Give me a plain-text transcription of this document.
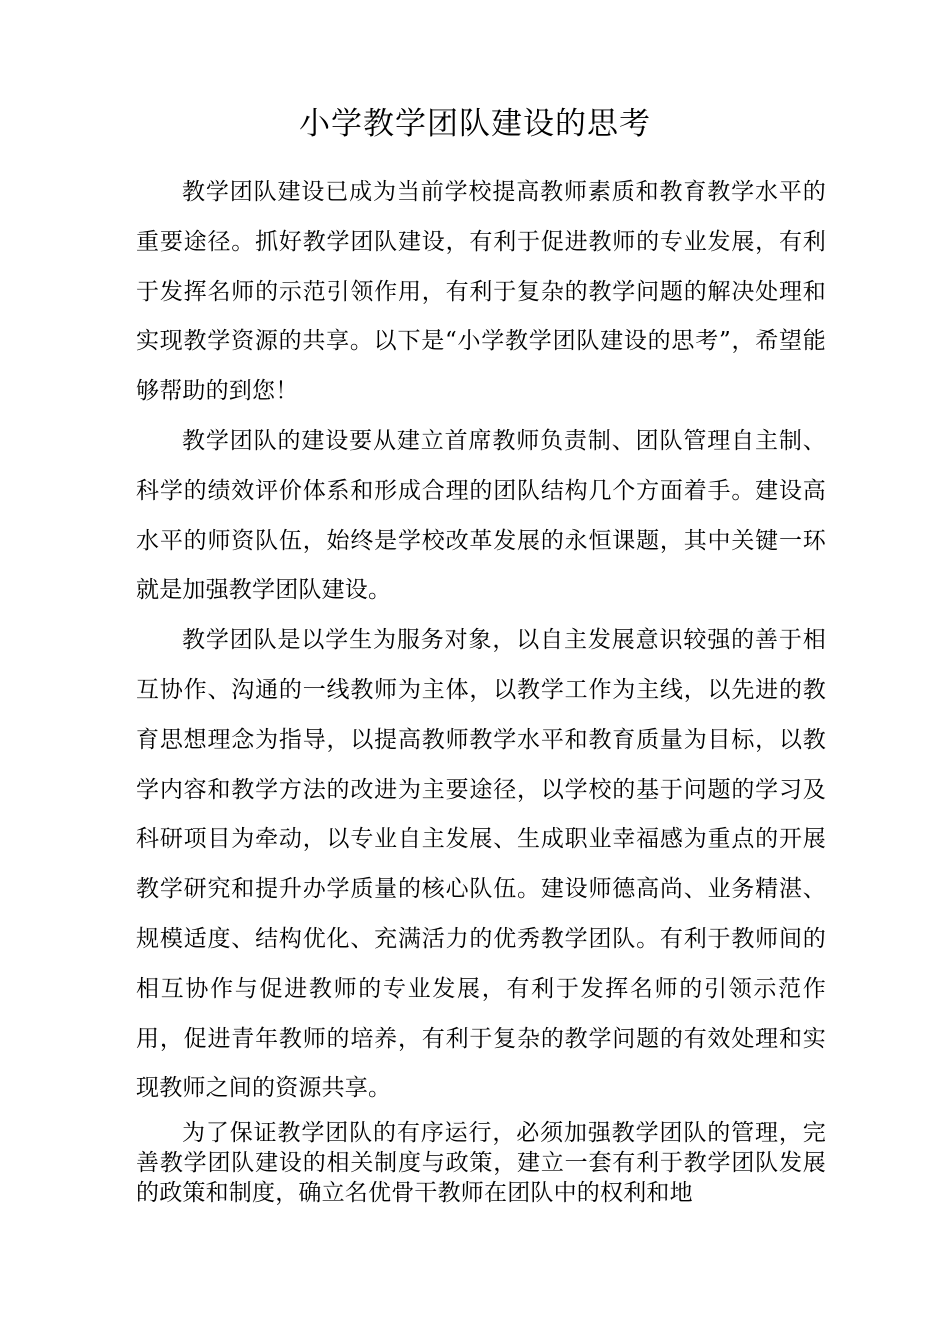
小学教学团队建设的思考

教学团队建设已成为当前学校提高教师素质和教育教学水平的重要途径。抓好教学团队建设，有利于促进教师的专业发展，有利于发挥名师的示范引领作用，有利于复杂的教学问题的解决处理和实现教学资源的共享。以下是“小学教学团队建设的思考”，希望能够帮助的到您！

教学团队的建设要从建立首席教师负责制、团队管理自主制、科学的绩效评价体系和形成合理的团队结构几个方面着手。建设高水平的师资队伍，始终是学校改革发展的永恒课题，其中关键一环就是加强教学团队建设。

教学团队是以学生为服务对象，以自主发展意识较强的善于相互协作、沟通的一线教师为主体，以教学工作为主线，以先进的教育思想理念为指导，以提高教师教学水平和教育质量为目标，以教学内容和教学方法的改进为主要途径，以学校的基于问题的学习及科研项目为牵动，以专业自主发展、生成职业幸福感为重点的开展教学研究和提升办学质量的核心队伍。建设师德高尚、业务精湛、规模适度、结构优化、充满活力的优秀教学团队。有利于教师间的相互协作与促进教师的专业发展，有利于发挥名师的引领示范作用，促进青年教师的培养，有利于复杂的教学问题的有效处理和实现教师之间的资源共享。

为了保证教学团队的有序运行，必须加强教学团队的管理，完善教学团队建设的相关制度与政策，建立一套有利于教学团队发展的政策和制度，确立名优骨干教师在团队中的权利和地
